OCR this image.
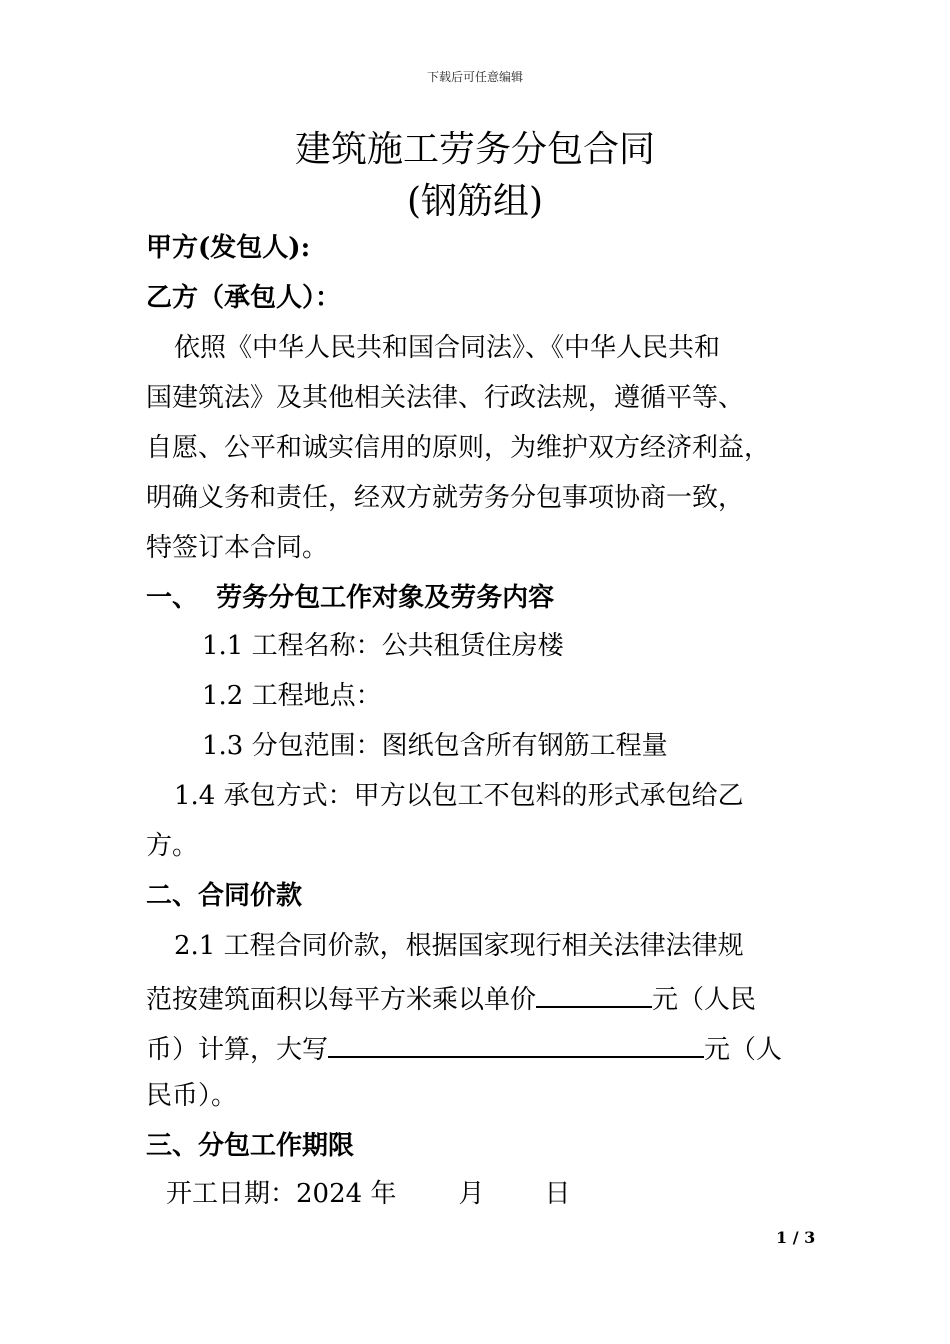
下载后可任意编辑
建筑施工劳务分包合同
(钢筋组)
甲方(发包人):
乙方（承包人）：
依照《中华人民共和国合同法》、《中华人民共和
国建筑法》及其他相关法律、行政法规，遵循平等、
自愿、公平和诚实信用的原则，为维护双方经济利益，
明确义务和责任，经双方就劳务分包事项协商一致，
特签订本合同。
一、  劳务分包工作对象及劳务内容
1.1 工程名称：公共租赁住房楼
1.2 工程地点：
1.3 分包范围：图纸包含所有钢筋工程量
1.4 承包方式：甲方以包工不包料的形式承包给乙
方。
二、合同价款
2.1 工程合同价款，根据国家现行相关法律法律规
范按建筑面积以每平方米乘以单价	元（人民
币）计算，大写	元（人
民币）。
三、分包工作期限
开工日期：2024 年 月 日
1 / 3
